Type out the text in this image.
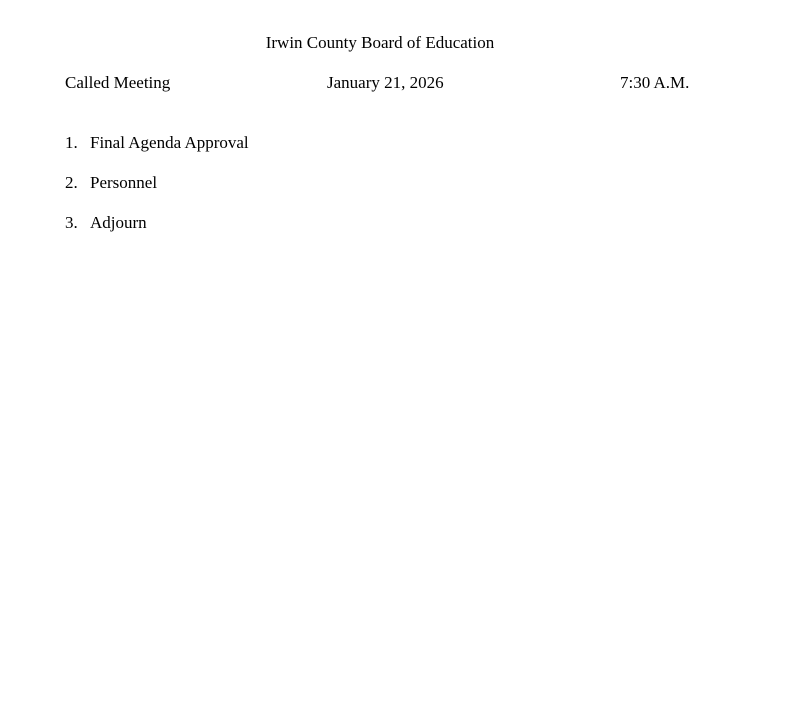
Irwin County Board of Education
Called Meeting	January 21, 2026	7:30 A.M.
1. Final Agenda Approval
2. Personnel
3. Adjourn
